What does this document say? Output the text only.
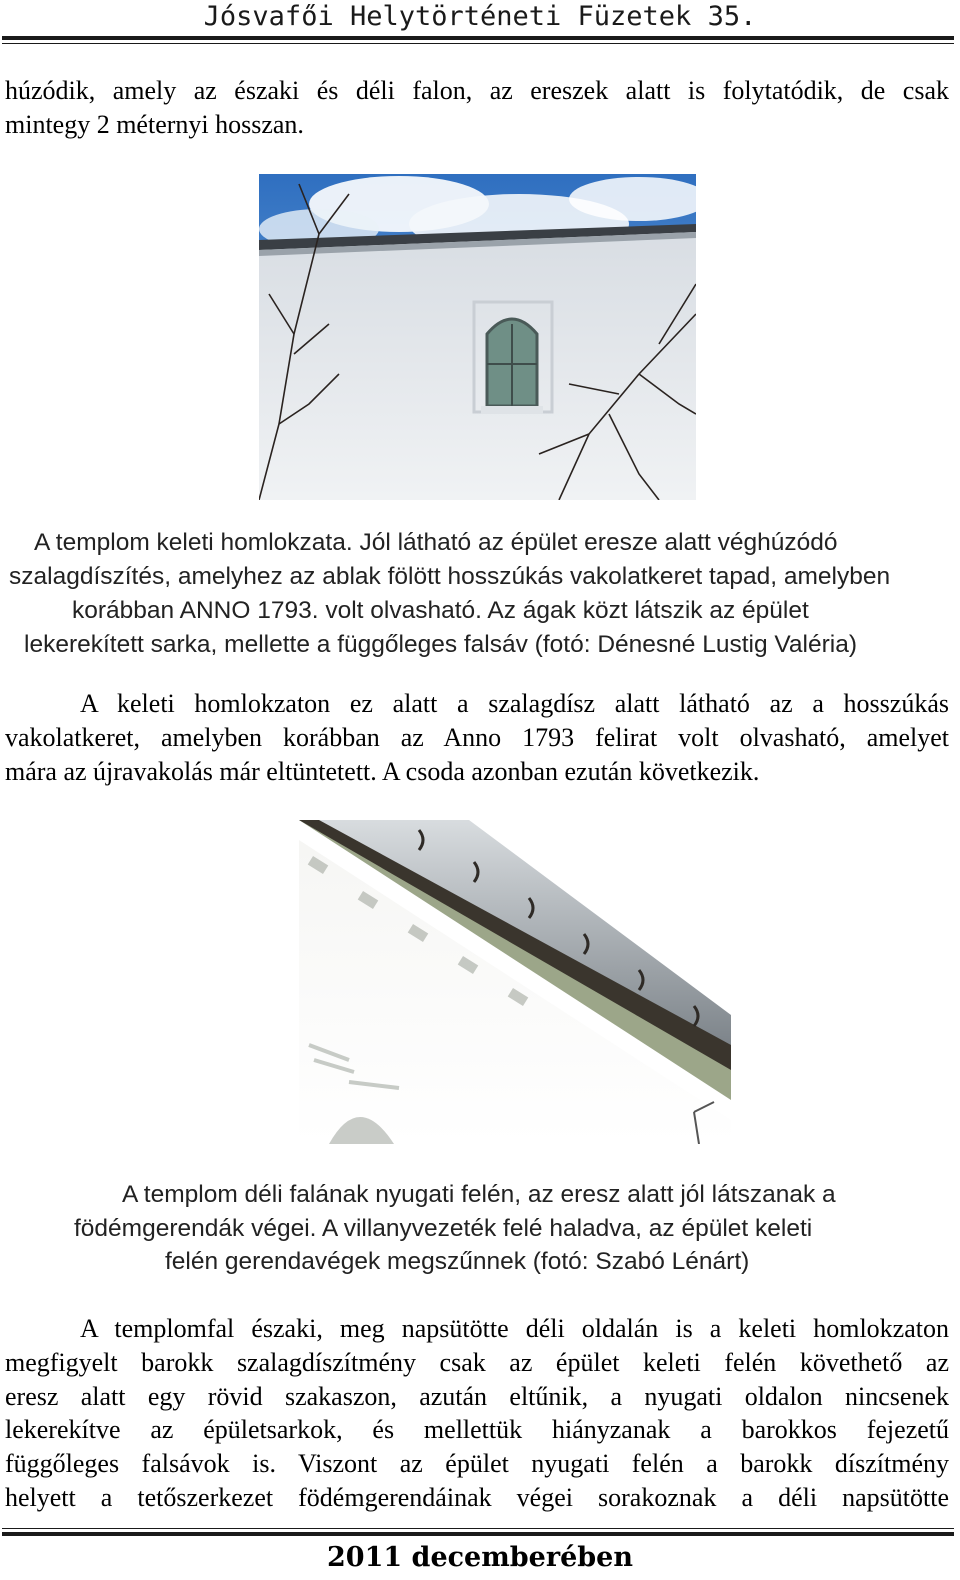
Jósvafői Helytörténeti Füzetek 35.
húzódik, amely az északi és déli falon, az ereszek alatt is folytatódik, de csak
mintegy 2 méternyi hosszan.
A templom keleti homlokzata. Jól látható az épület eresze alatt véghúzódó
szalagdíszítés, amelyhez az ablak fölött hosszúkás vakolatkeret tapad, amelyben
korábban ANNO 1793. volt olvasható. Az ágak közt látszik az épület
lekerekített sarka, mellette a függőleges falsáv (fotó: Dénesné Lustig Valéria)
A keleti homlokzaton ez alatt a szalagdísz alatt látható az a hosszúkás
vakolatkeret, amelyben korábban az Anno 1793 felirat volt olvasható, amelyet
mára az újravakolás már eltüntetett. A csoda azonban ezután következik.
A templom déli falának nyugati felén, az eresz alatt jól látszanak a
födémgerendák végei. A villanyvezeték felé haladva, az épület keleti
felén gerendavégek megszűnnek (fotó: Szabó Lénárt)
A templomfal északi, meg napsütötte déli oldalán is a keleti homlokzaton
megfigyelt barokk szalagdíszítmény csak az épület keleti felén követhető az
eresz alatt egy rövid szakaszon, azután eltűnik, a nyugati oldalon nincsenek
lekerekítve az épületsarkok, és mellettük hiányzanak a barokkos fejezetű
függőleges falsávok is. Viszont az épület nyugati felén a barokk díszítmény
helyett a tetőszerkezet födémgerendáinak végei sorakoznak a déli napsütötte
2011 decemberében
